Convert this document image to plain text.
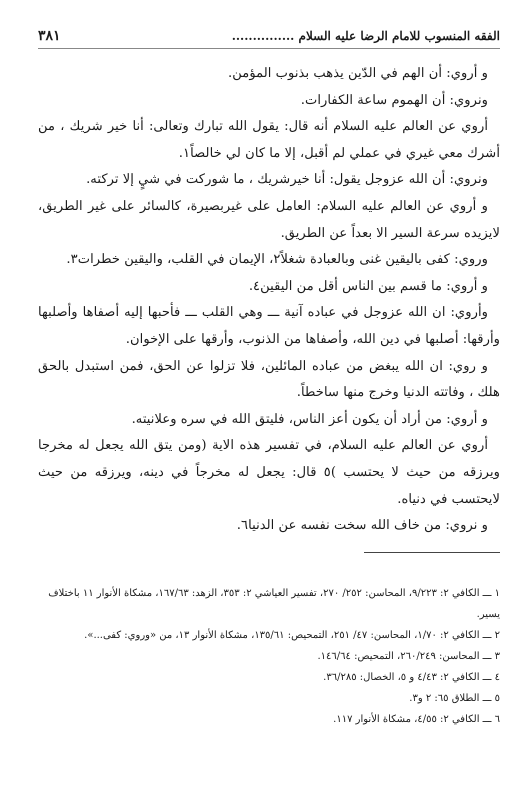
الفقه المنسوب للامام الرضا عليه السلام ...............
٣٨١

و أروي: أن الهم في الدّين يذهب بذنوب المؤمن.

ونروي: أن الهموم ساعة الكفارات.

أروي عن العالم عليه السلام أنه قال: يقول الله تبارك وتعالى: أنا خير شريك ، من أشرك معي غيري في عملي لم أقبل، إلا ما كان لي خالصاً١.

ونروي: أن الله عزوجل يقول: أنا خيرشريك ، ما شوركت في شيٍ إلا تركته.

و أروي عن العالم عليه السلام: العامل على غيربصيرة، كالسائر على غير الطريق، لايزيده سرعة السير الا بعداً عن الطريق.

وروي: كفى باليقين غنى وبالعبادة شغلاً٢، الإيمان في القلب، واليقين خطرات٣.

و أروي: ما قسم بين الناس أقل من اليقين٤.

وأروي: ان الله عزوجل في عباده آنية ـــ وهي القلب ـــ فأحبها إليه أصفاها وأصلبها وأرقها: أصلبها في دين الله، وأصفاها من الذنوب، وأرقها على الإخوان.

و روي: ان الله يبغض من عباده المائلين، فلا تزلوا عن الحق، فمن استبدل بالحق هلك ، وفاتته الدنيا وخرج منها ساخطاً.

و أروي: من أراد أن يكون أعز الناس، فليتق الله في سره وعلانيته.

أروي عن العالم عليه السلام، في تفسير هذه الاية (ومن يتق الله يجعل له مخرجا ويرزقه من حيث لا يحتسب )٥ قال: يجعل له مخرجاً في دينه، ويرزقه من حيث لايحتسب في دنياه.

و نروي: من خاف الله سخت نفسه عن الدنيا٦.

١ ـــ الكافي ٢: ٩/٢٢٣، المحاسن: ٢٥٢/ ٢٧٠، تفسير العياشي ٢: ٣٥٣، الزهد: ١٦٧/٦٣، مشكاة الأنوار ١١ باختلاف يسير.

٢ ـــ الكافي ٢: ١/٧٠، المحاسن: ٤٧/ ٢٥١، التمحيص: ١٣٥/٦١، مشكاة الأنوار ١٣، من «وروي: كفى...».

٣ ـــ المحاسن: ٢٦٠/٢٤٩، التمحيص: ١٤٦/٦٤.

٤ ـــ الكافي ٢: ٤/٤٣ و ٥، الخصال: ٣٦/٢٨٥.

٥ ـــ الطلاق ٦٥: ٢ و٣.

٦ ـــ الكافي ٢: ٤/٥٥، مشكاة الأنوار ١١٧.
